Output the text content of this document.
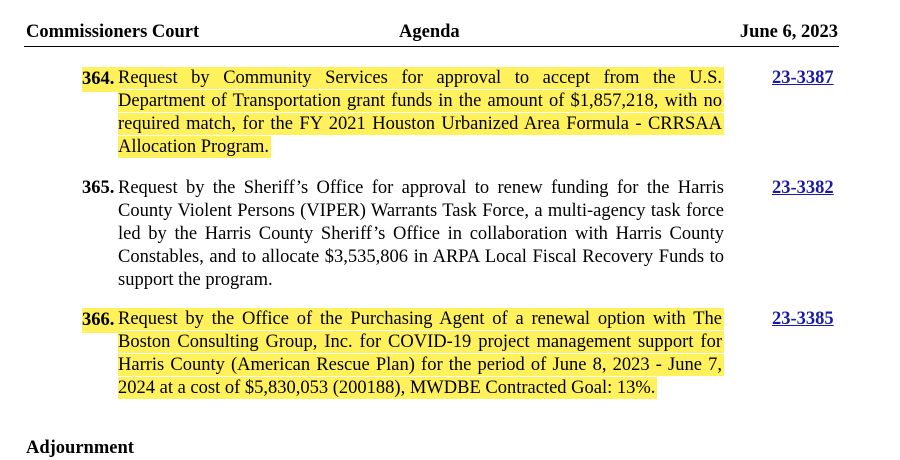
Commissioners Court	Agenda	June 6, 2023
364. Request by Community Services for approval to accept from the U.S. Department of Transportation grant funds in the amount of $1,857,218, with no required match, for the FY 2021 Houston Urbanized Area Formula - CRRSAA Allocation Program.
23-3387
365. Request by the Sheriff’s Office for approval to renew funding for the Harris County Violent Persons (VIPER) Warrants Task Force, a multi-agency task force led by the Harris County Sheriff’s Office in collaboration with Harris County Constables, and to allocate $3,535,806 in ARPA Local Fiscal Recovery Funds to support the program.
23-3382
366. Request by the Office of the Purchasing Agent of a renewal option with The Boston Consulting Group, Inc. for COVID-19 project management support for Harris County (American Rescue Plan) for the period of June 8, 2023 - June 7, 2024 at a cost of $5,830,053 (200188), MWDBE Contracted Goal: 13%.
23-3385
Adjournment
